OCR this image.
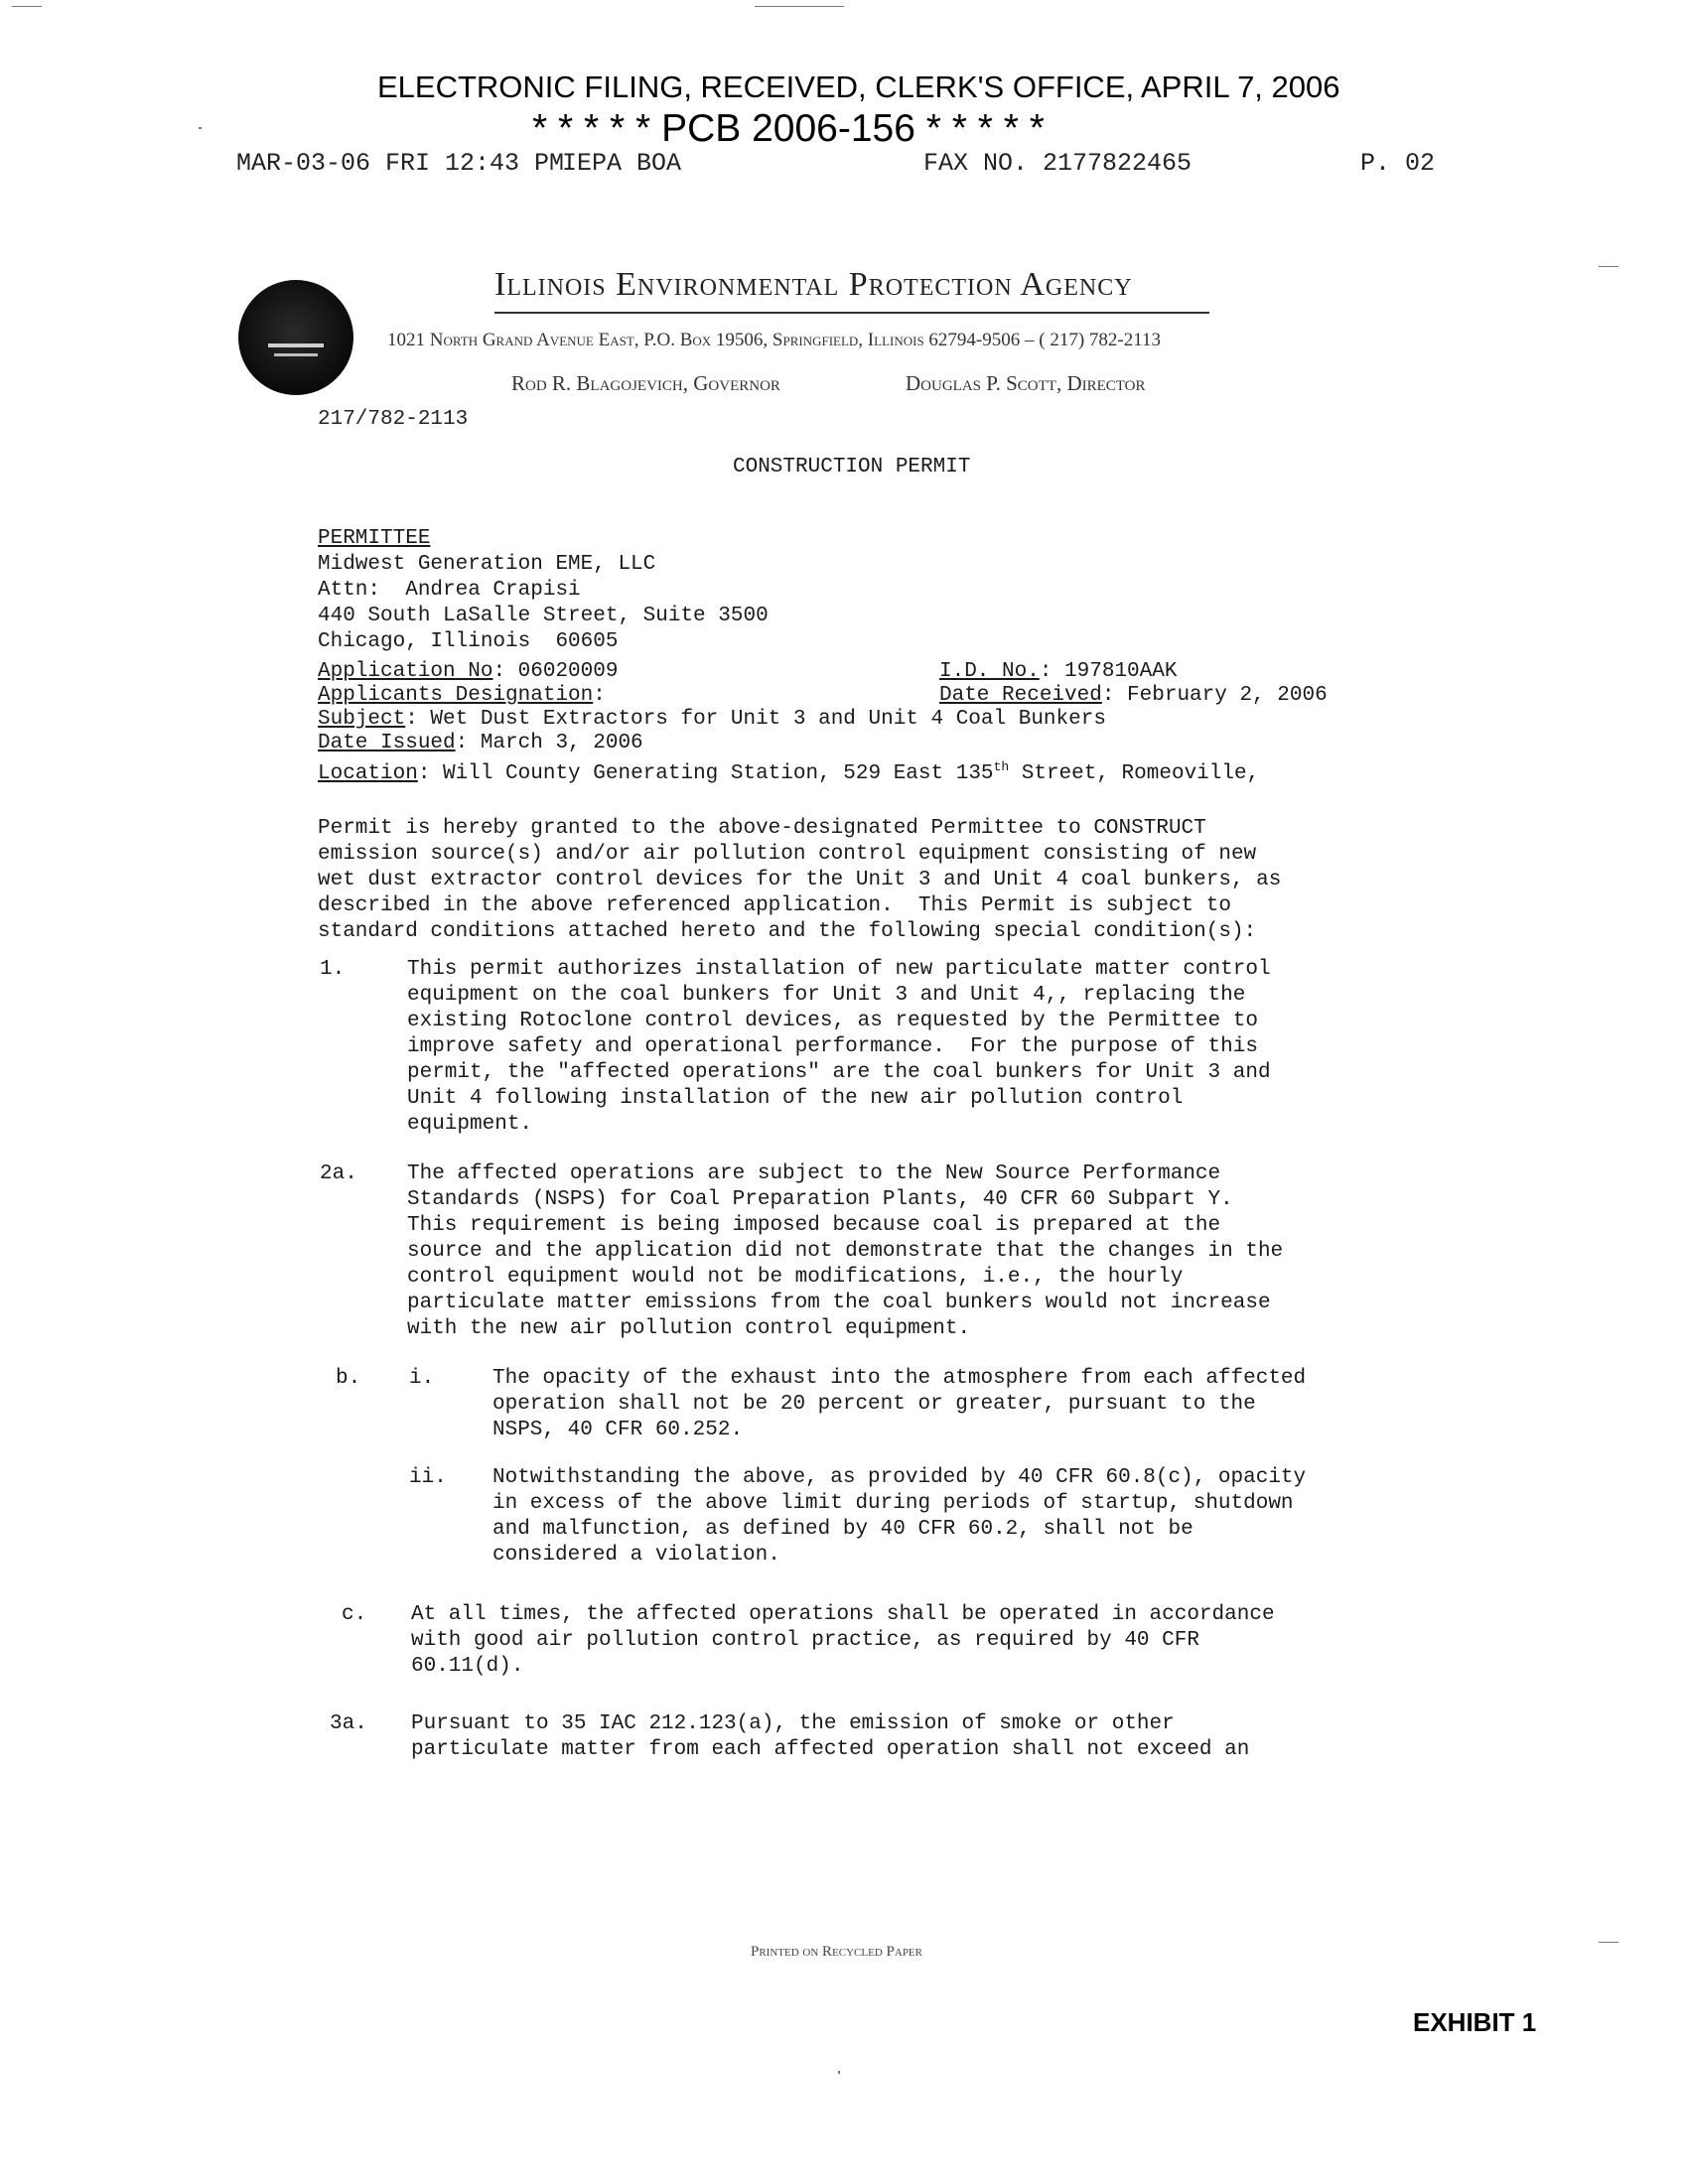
ELECTRONIC FILING, RECEIVED, CLERK'S OFFICE, APRIL 7, 2006
* * * * * PCB 2006-156 * * * * *
MAR-03-06 FRI 12:43 PM
IEPA BOA	FAX NO. 2177822465	P. 02

Illinois Environmental Protection Agency
1021 North Grand Avenue East, P.O. Box 19506, Springfield, Illinois 62794-9506 – ( 217) 782-2113
Rod R. Blagojevich, Governor	Douglas P. Scott, Director
217/782-2113
CONSTRUCTION PERMIT
PERMITTEE
Midwest Generation EME, LLC
Attn:  Andrea Crapisi
440 South LaSalle Street, Suite 3500
Chicago, Illinois  60605
Application No: 06020009	I.D. No.: 197810AAK
Applicants Designation:	Date Received: February 2, 2006
Subject: Wet Dust Extractors for Unit 3 and Unit 4 Coal Bunkers
Date Issued: March 3, 2006
Location: Will County Generating Station, 529 East 135th Street, Romeoville,
Permit is hereby granted to the above-designated Permittee to CONSTRUCT
emission source(s) and/or air pollution control equipment consisting of new
wet dust extractor control devices for the Unit 3 and Unit 4 coal bunkers, as
described in the above referenced application.  This Permit is subject to
standard conditions attached hereto and the following special condition(s):
1.	This permit authorizes installation of new particulate matter control
equipment on the coal bunkers for Unit 3 and Unit 4,, replacing the
existing Rotoclone control devices, as requested by the Permittee to
improve safety and operational performance.  For the purpose of this
permit, the "affected operations" are the coal bunkers for Unit 3 and
Unit 4 following installation of the new air pollution control
equipment.
2a. The affected operations are subject to the New Source Performance
Standards (NSPS) for Coal Preparation Plants, 40 CFR 60 Subpart Y.
This requirement is being imposed because coal is prepared at the
source and the application did not demonstrate that the changes in the
control equipment would not be modifications, i.e., the hourly
particulate matter emissions from the coal bunkers would not increase
with the new air pollution control equipment.
b. i.	The opacity of the exhaust into the atmosphere from each affected
operation shall not be 20 percent or greater, pursuant to the
NSPS, 40 CFR 60.252.
ii. Notwithstanding the above, as provided by 40 CFR 60.8(c), opacity
in excess of the above limit during periods of startup, shutdown
and malfunction, as defined by 40 CFR 60.2, shall not be
considered a violation.
c. At all times, the affected operations shall be operated in accordance
with good air pollution control practice, as required by 40 CFR
60.11(d).
3a. Pursuant to 35 IAC 212.123(a), the emission of smoke or other
particulate matter from each affected operation shall not exceed an
Printed on Recycled Paper
EXHIBIT 1
